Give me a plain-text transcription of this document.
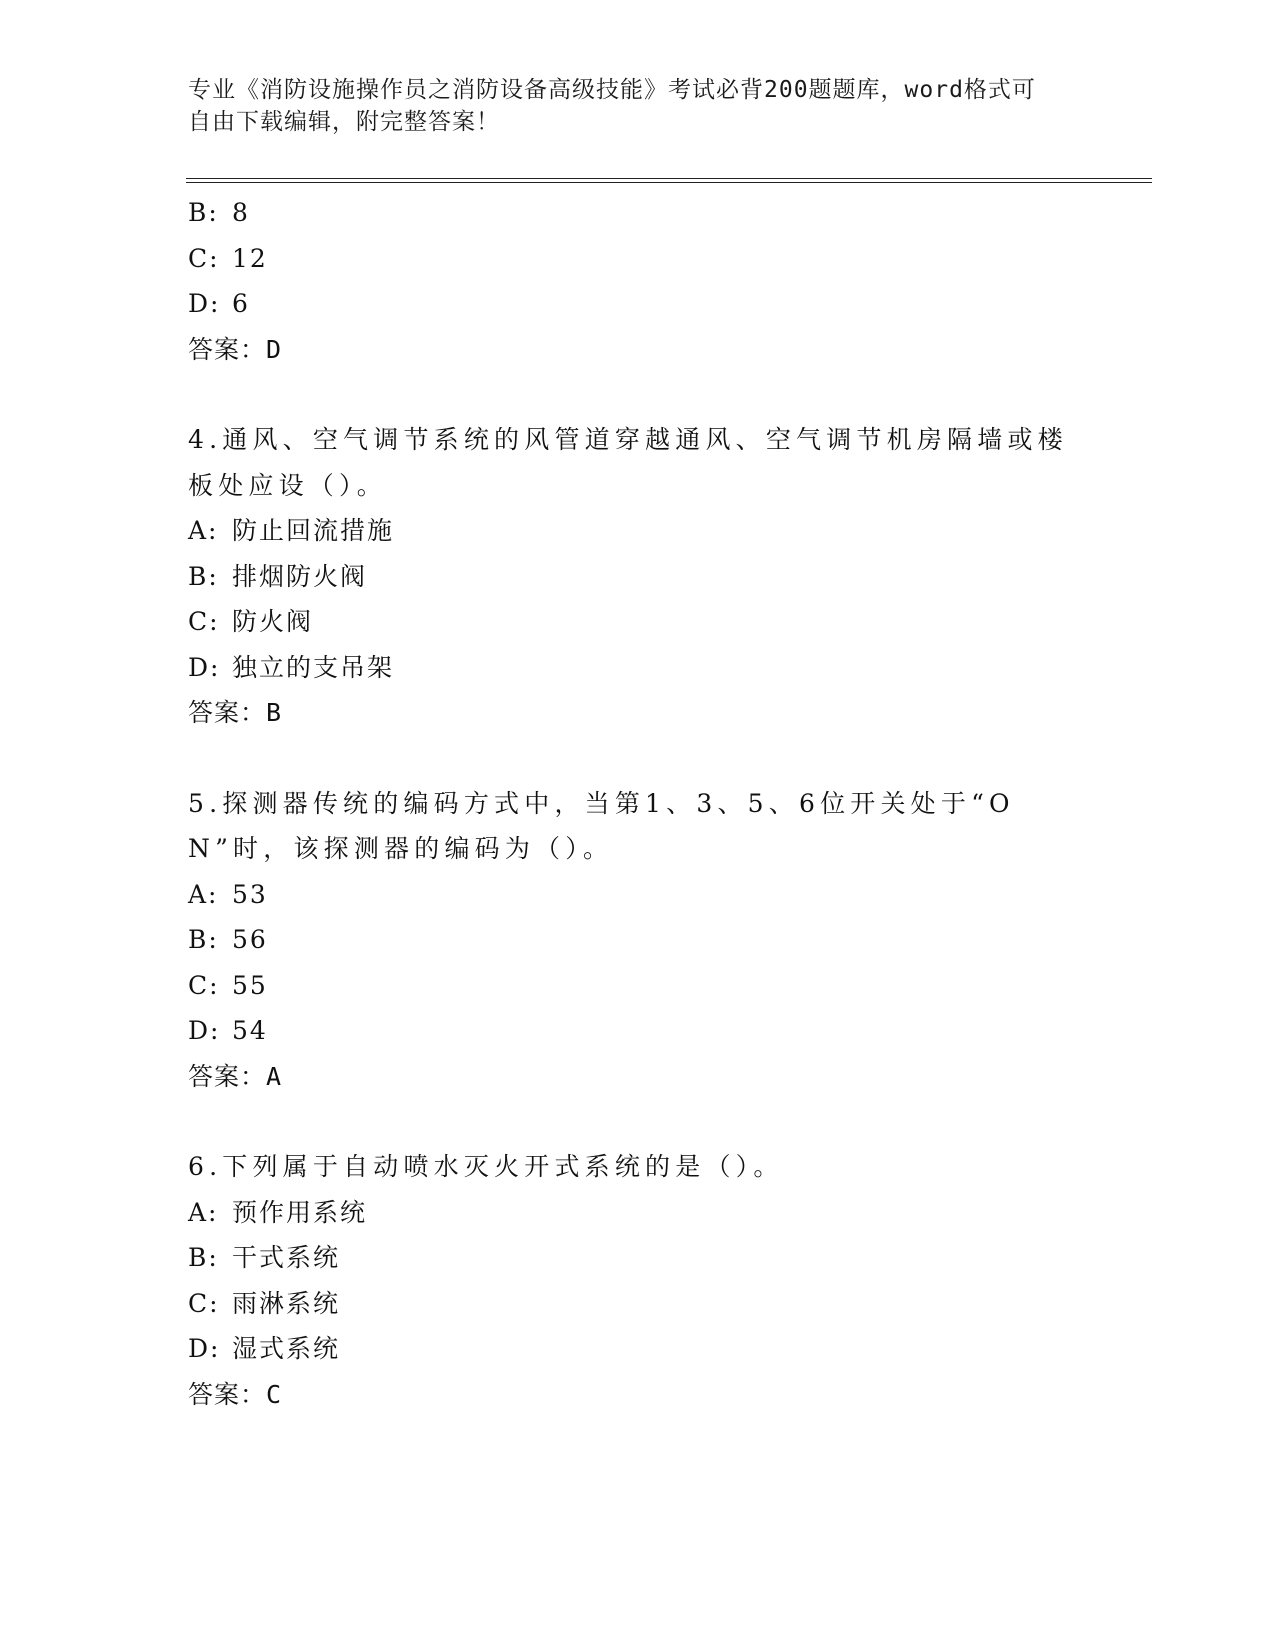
专业《消防设施操作员之消防设备高级技能》考试必背200题题库，word格式可
自由下载编辑，附完整答案！
B: 8
C: 12
D: 6
答案：D
4.通风、空气调节系统的风管道穿越通风、空气调节机房隔墙或楼板处应设（）。
A: 防止回流措施
B: 排烟防火阀
C: 防火阀
D: 独立的支吊架
答案：B
5.探测器传统的编码方式中，当第1、3、5、6位开关处于“ON”时，该探测器的编码为（）。
A: 53
B: 56
C: 55
D: 54
答案：A
6.下列属于自动喷水灭火开式系统的是（）。
A: 预作用系统
B: 干式系统
C: 雨淋系统
D: 湿式系统
答案：C
